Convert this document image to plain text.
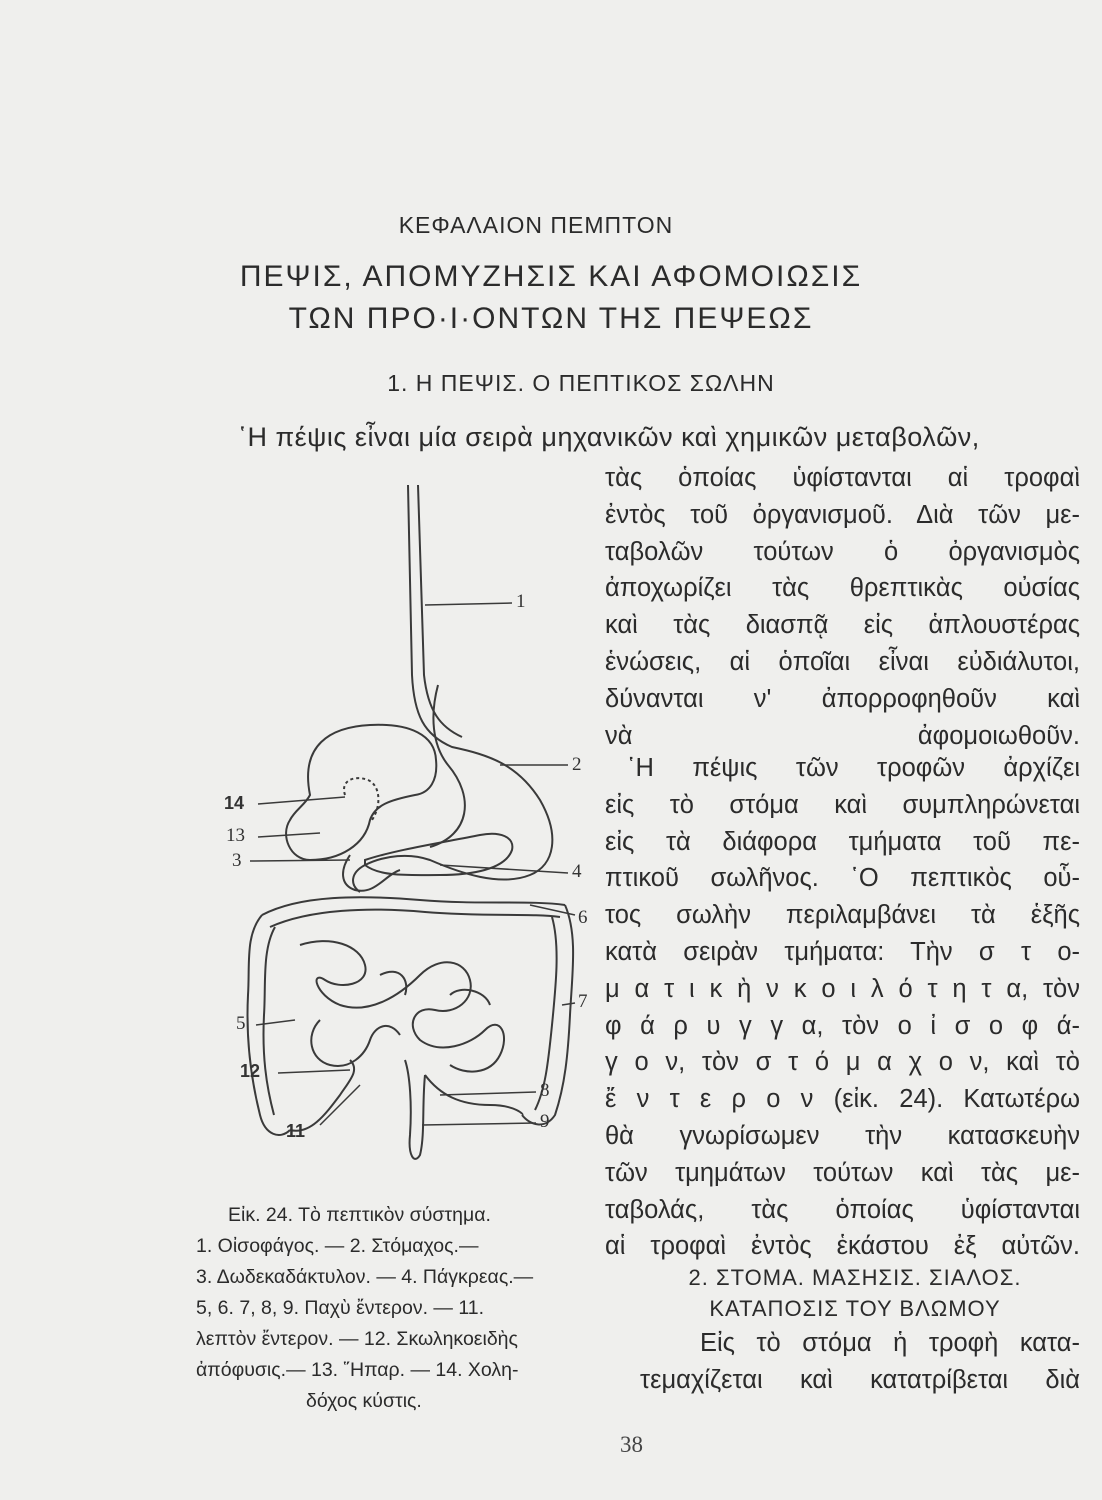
ΚΕΦΑΛΑΙΟΝ ΠΕΜΠΤΟΝ
ΠΕΨΙΣ, ΑΠΟΜΥΖΗΣΙΣ ΚΑΙ ΑΦΟΜΟΙΩΣΙΣ
ΤΩΝ ΠΡΟ·Ι·ΟΝΤΩΝ ΤΗΣ ΠΕΨΕΩΣ
1. Η ΠΕΨΙΣ. Ο ΠΕΠΤΙΚΟΣ ΣΩΛΗΝ
῾Η πέψις εἶναι μία σειρὰ μηχανικῶν καὶ χημικῶν μεταβολῶν,
τὰς ὁποίας ὑφίστανται αἱ τροφαὶ
ἐντὸς τοῦ ὀργανισμοῦ. Διὰ τῶν με-
ταβολῶν τούτων ὁ ὀργανισμὸς
ἀποχωρίζει τὰς θρεπτικὰς οὐσίας
καὶ τὰς διασπᾷ εἰς ἁπλουστέρας
ἑνώσεις, αἱ ὁποῖαι εἶναι εὐδιάλυτοι,
δύνανται ν' ἀπορροφηθοῦν καὶ
νὰ ἀφομοιωθοῦν.
῾Η πέψις τῶν τροφῶν ἀρχίζει
εἰς τὸ στόμα καὶ συμπληρώνεται
εἰς τὰ διάφορα τμήματα τοῦ πε-
πτικοῦ σωλῆνος. ῾Ο πεπτικὸς οὗ-
τος σωλὴν περιλαμβάνει τὰ ἑξῆς
κατὰ σειρὰν τμήματα: Τὴν σ τ ο-
μ α τ ι κ ὴ ν κ ο ι λ ό τ η τ α, τὸν
φ ά ρ υ γ γ α, τὸν ο ἰ σ ο φ ά-
γ ο ν, τὸν σ τ ό μ α χ ο ν, καὶ τὸ
ἔ ν τ ε ρ ο ν (εἰκ. 24). Κατωτέρω
θὰ γνωρίσωμεν τὴν κατασκευὴν
τῶν τμημάτων τούτων καὶ τὰς με-
ταβολάς, τὰς ὁποίας ὑφίστανται
αἱ τροφαὶ ἐντὸς ἑκάστου ἐξ αὐτῶν.
2. ΣΤΟΜΑ. ΜΑΣΗΣΙΣ. ΣΙΑΛΟΣ.
ΚΑΤΑΠΟΣΙΣ ΤΟΥ ΒΛΩΜΟΥ
Εἰς τὸ στόμα ἡ τροφὴ κατα-
τεμαχίζεται καὶ κατατρίβεται διὰ
1
2
4
6
7
8
9
14
13
3
5
12
11
Εἰκ. 24. Τὸ πεπτικὸν σύστημα.
1. Οἰσοφάγος. — 2. Στόμαχος.—
3. Δωδεκαδάκτυλον. — 4. Πάγκρεας.—
5, 6. 7, 8, 9. Παχὺ ἔντερον. — 11.
λεπτὸν ἔντερον. — 12. Σκωληκοειδὴς
ἀπόφυσις.— 13. ῞Ηπαρ. — 14. Χολη-
δόχος κύστις.
38
